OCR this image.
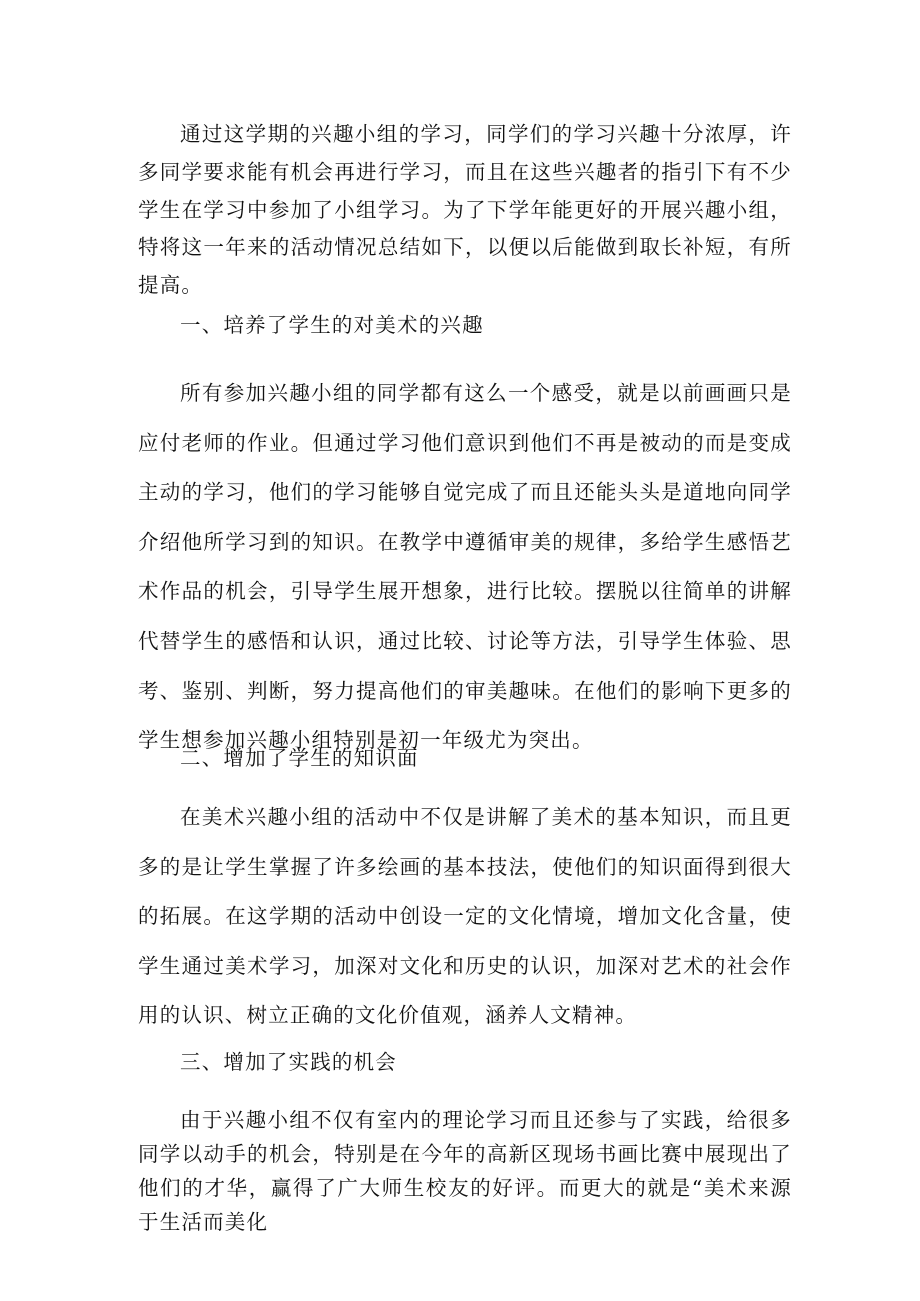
通过这学期的兴趣小组的学习，同学们的学习兴趣十分浓厚，许多同学要求能有机会再进行学习，而且在这些兴趣者的指引下有不少学生在学习中参加了小组学习。为了下学年能更好的开展兴趣小组，特将这一年来的活动情况总结如下，以便以后能做到取长补短，有所提高。

一、培养了学生的对美术的兴趣

所有参加兴趣小组的同学都有这么一个感受，就是以前画画只是应付老师的作业。但通过学习他们意识到他们不再是被动的而是变成主动的学习，他们的学习能够自觉完成了而且还能头头是道地向同学介绍他所学习到的知识。在教学中遵循审美的规律，多给学生感悟艺术作品的机会，引导学生展开想象，进行比较。摆脱以往简单的讲解代替学生的感悟和认识，通过比较、讨论等方法，引导学生体验、思考、鉴别、判断，努力提高他们的审美趣味。在他们的影响下更多的学生想参加兴趣小组特别是初一年级尤为突出。

二、增加了学生的知识面

在美术兴趣小组的活动中不仅是讲解了美术的基本知识，而且更多的是让学生掌握了许多绘画的基本技法，使他们的知识面得到很大的拓展。在这学期的活动中创设一定的文化情境，增加文化含量，使学生通过美术学习，加深对文化和历史的认识，加深对艺术的社会作用的认识、树立正确的文化价值观，涵养人文精神。

三、增加了实践的机会

由于兴趣小组不仅有室内的理论学习而且还参与了实践，给很多同学以动手的机会，特别是在今年的高新区现场书画比赛中展现出了他们的才华，赢得了广大师生校友的好评。而更大的就是“美术来源于生活而美化
